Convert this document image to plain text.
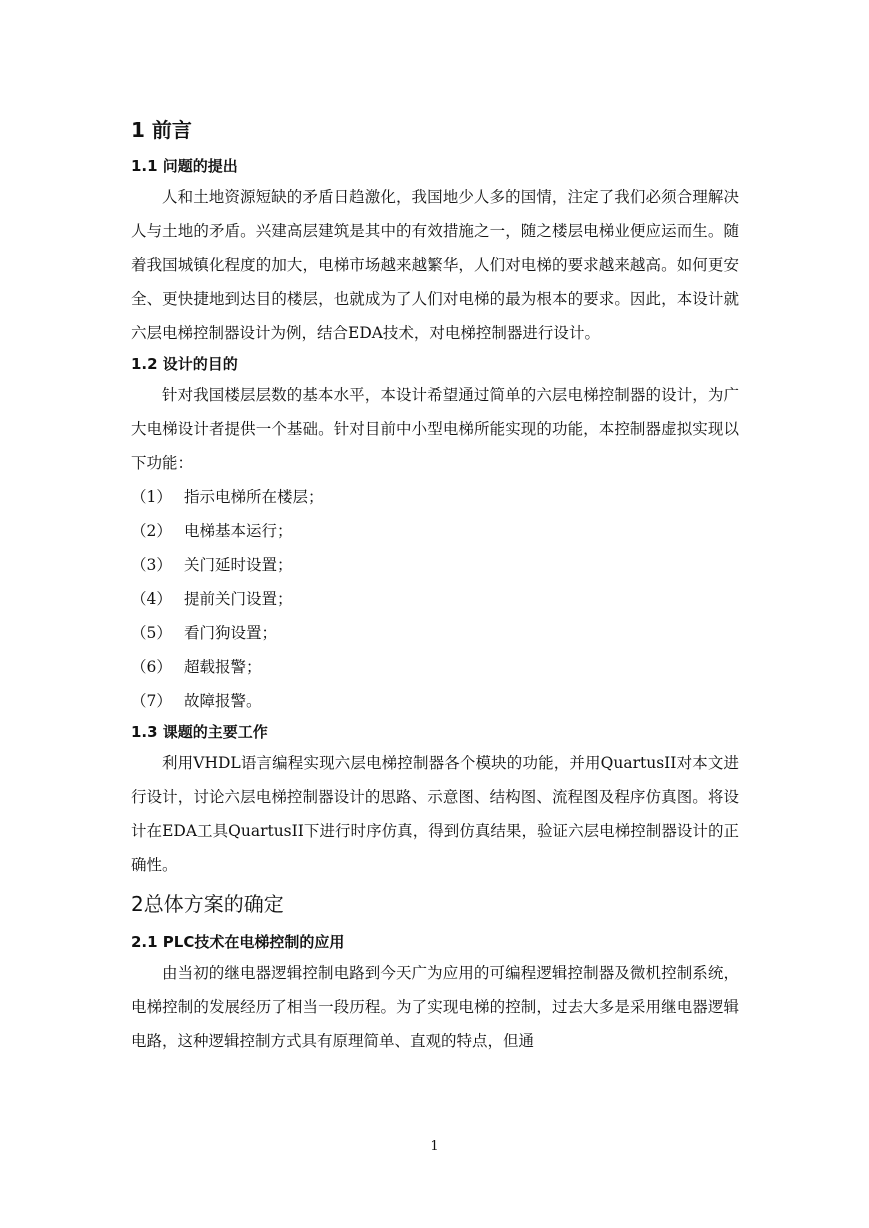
1 前言
1.1 问题的提出

人和土地资源短缺的矛盾日趋激化，我国地少人多的国情，注定了我们必须合理解决人与土地的矛盾。兴建高层建筑是其中的有效措施之一，随之楼层电梯业便应运而生。随着我国城镇化程度的加大，电梯市场越来越繁华，人们对电梯的要求越来越高。如何更安全、更快捷地到达目的楼层，也就成为了人们对电梯的最为根本的要求。因此，本设计就六层电梯控制器设计为例，结合EDA技术，对电梯控制器进行设计。

1.2 设计的目的

针对我国楼层层数的基本水平，本设计希望通过简单的六层电梯控制器的设计，为广大电梯设计者提供一个基础。针对目前中小型电梯所能实现的功能，本控制器虚拟实现以下功能：

（1） 指示电梯所在楼层；

（2） 电梯基本运行；

（3） 关门延时设置；

（4） 提前关门设置；

（5） 看门狗设置；

（6） 超载报警；

（7） 故障报警。

1.3 课题的主要工作

利用VHDL语言编程实现六层电梯控制器各个模块的功能，并用QuartusII对本文进行设计，讨论六层电梯控制器设计的思路、示意图、结构图、流程图及程序仿真图。将设计在EDA工具QuartusII下进行时序仿真，得到仿真结果，验证六层电梯控制器设计的正确性。

2总体方案的确定
2.1 PLC技术在电梯控制的应用

由当初的继电器逻辑控制电路到今天广为应用的可编程逻辑控制器及微机控制系统，电梯控制的发展经历了相当一段历程。为了实现电梯的控制，过去大多是采用继电器逻辑电路，这种逻辑控制方式具有原理简单、直观的特点，但通

1
